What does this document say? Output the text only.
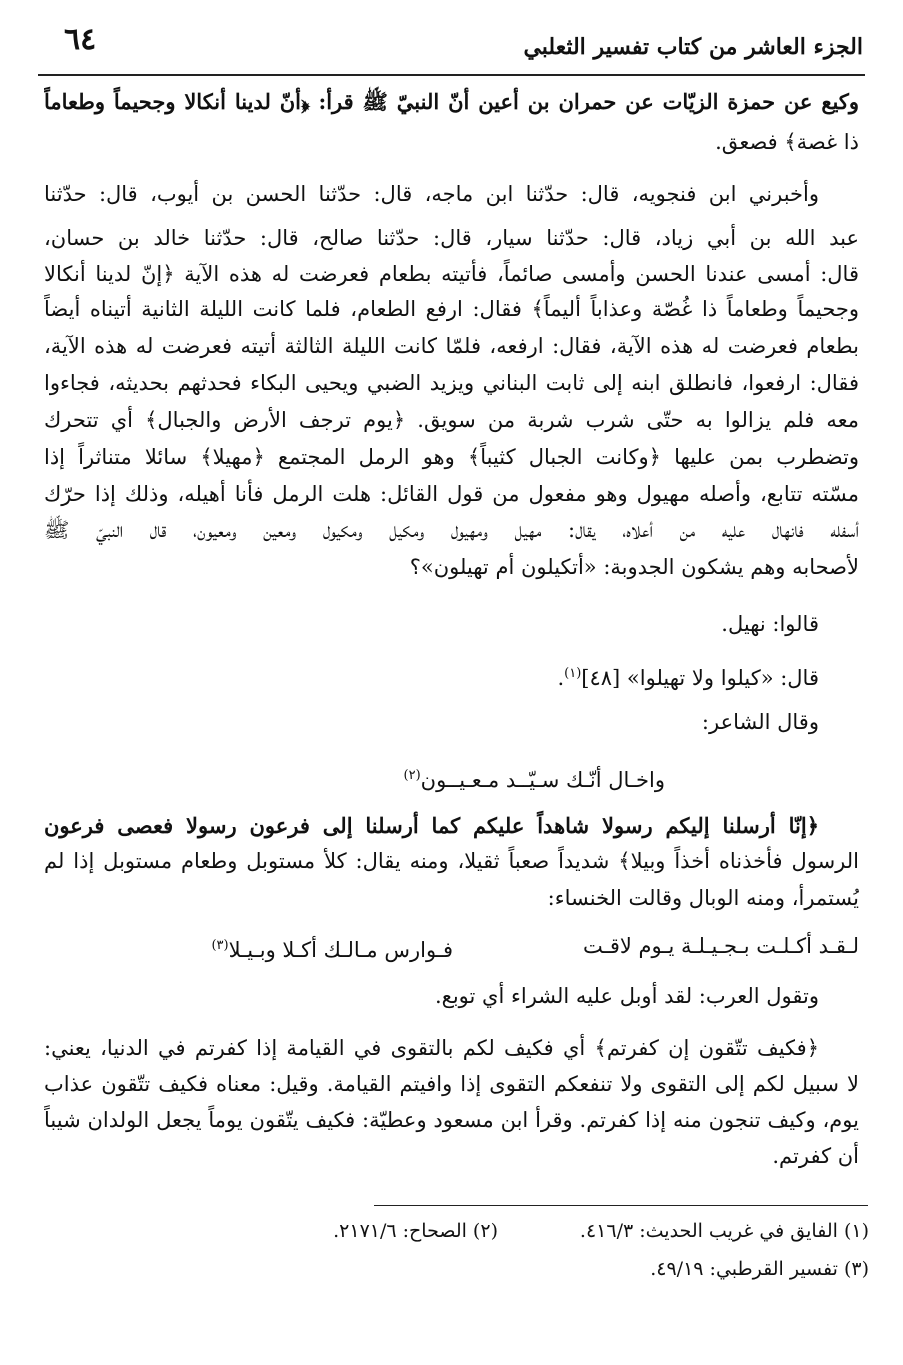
الجزء العاشر من كتاب تفسير الثعلبي
٦٤
وكيع عن حمزة الزيّات عن حمران بن أعين أنّ النبيّ ﷺ قرأ: ﴿أنّ لدينا أنكالا وجحيماً وطعاماً
ذا غصة﴾ فصعق.
وأخبرني ابن فنجويه، قال: حدّثنا ابن ماجه، قال: حدّثنا الحسن بن أيوب، قال: حدّثنا
عبد الله بن أبي زياد، قال: حدّثنا سيار، قال: حدّثنا صالح، قال: حدّثنا خالد بن حسان،
قال: أمسى عندنا الحسن وأمسى صائماً، فأتيته بطعام فعرضت له هذه الآية ﴿إنّ لدينا أنكالا
وجحيماً وطعاماً ذا غُصّة وعذاباً أليماً﴾ فقال: ارفع الطعام، فلما كانت الليلة الثانية أتيناه أيضاً
بطعام فعرضت له هذه الآية، فقال: ارفعه، فلمّا كانت الليلة الثالثة أتيته فعرضت له هذه الآية،
فقال: ارفعوا، فانطلق ابنه إلى ثابت البناني ويزيد الضبي ويحيى البكاء فحدثهم بحديثه، فجاءوا
معه فلم يزالوا به حتّى شرب شربة من سويق. ﴿يوم ترجف الأرض والجبال﴾ أي تتحرك
وتضطرب بمن عليها ﴿وكانت الجبال كثيباً﴾ وهو الرمل المجتمع ﴿مهيلا﴾ سائلا متناثراً إذا
مسّته تتابع، وأصله مهيول وهو مفعول من قول القائل: هلت الرمل فأنا أهيله، وذلك إذا حرّك
أسفله فانهال عليه من أعلاه، يقال: مهيل ومهيول ومكيل ومكيول ومعين ومعيون، قال النبيّ ﷺ
لأصحابه وهم يشكون الجدوبة: «أتكيلون أم تهيلون»؟
قالوا: نهيل.
قال: «كيلوا ولا تهيلوا» [٤٨]$^{(١)}$.
وقال الشاعر:
واخـال أنّـك سـيّــد مـعـيــون$^{(٢)}$
﴿إنّا أرسلنا إليكم رسولا شاهداً عليكم كما أرسلنا إلى فرعون رسولا فعصى فرعون
الرسول فأخذناه أخذاً وبيلا﴾ شديداً صعباً ثقيلا، ومنه يقال: كلأ مستوبل وطعام مستوبل إذا لم
يُستمرأ، ومنه الوبال وقالت الخنساء:
لـقـد أكـلـت بـجـيـلـة يـوم لاقـت
فـوارس مـالـك أكـلا وبـيـلا$^{(٣)}$
وتقول العرب: لقد أوبل عليه الشراء أي توبع.
﴿فكيف تتّقون إن كفرتم﴾ أي فكيف لكم بالتقوى في القيامة إذا كفرتم في الدنيا، يعني:
لا سبيل لكم إلى التقوى ولا تنفعكم التقوى إذا وافيتم القيامة. وقيل: معناه فكيف تتّقون عذاب
يوم، وكيف تنجون منه إذا كفرتم. وقرأ ابن مسعود وعطيّة: فكيف يتّقون يوماً يجعل الولدان شيباً
أن كفرتم.
(١) الفايق في غريب الحديث: ٤١٦/٣.
(٢) الصحاح: ٢١٧١/٦.
(٣) تفسير القرطبي: ٤٩/١٩.
